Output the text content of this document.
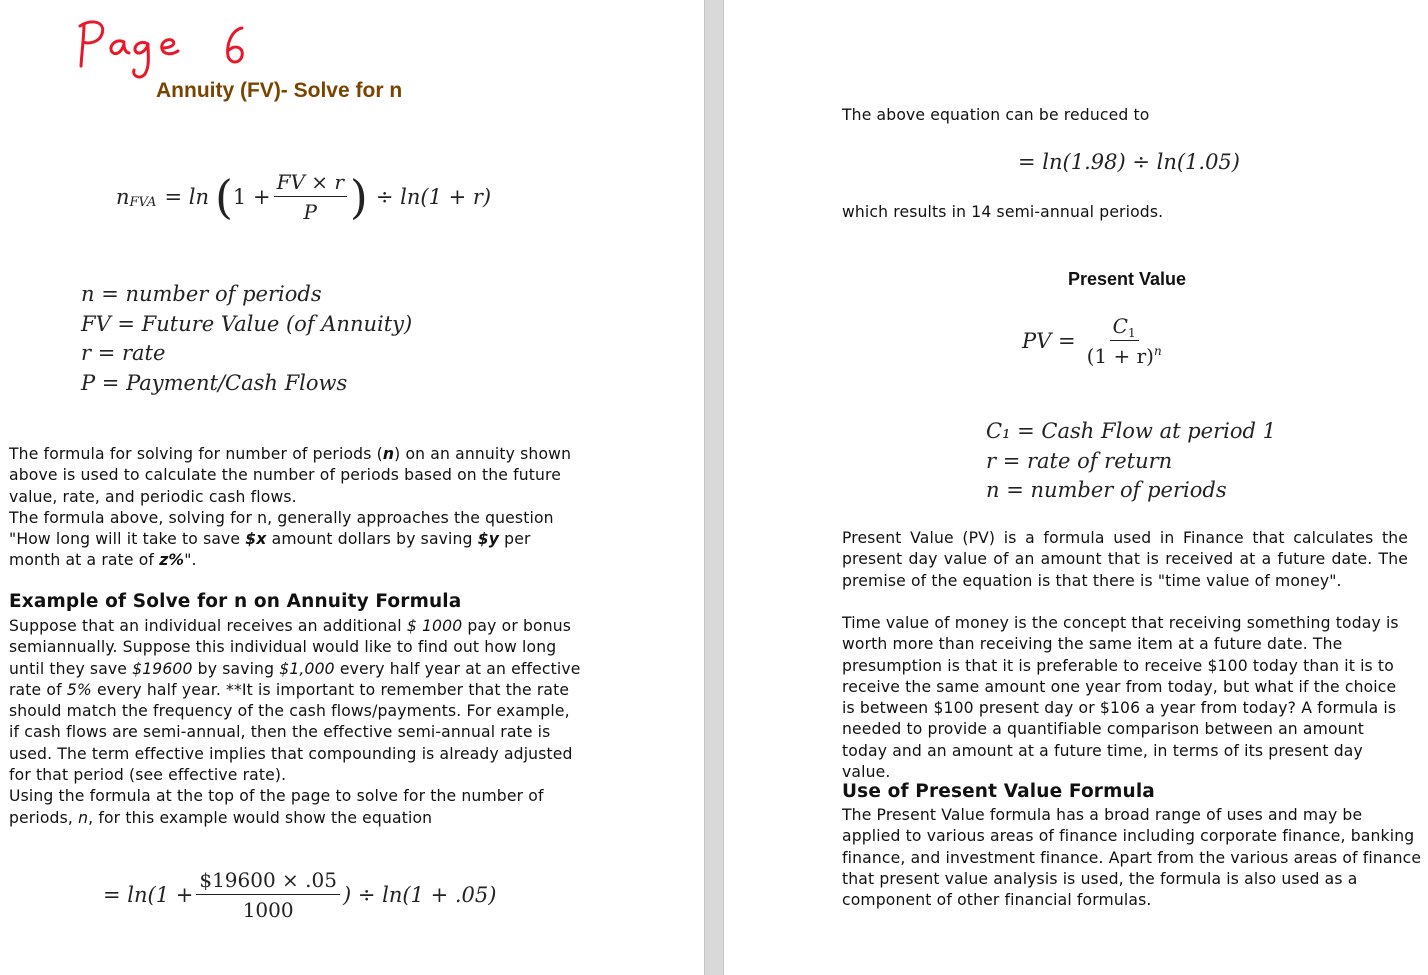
Annuity (FV)- Solve for n
n FVA = ln ( $1 + \frac{FV \times r}{P}$ ) ÷ ln(1 + r)
n = number of periods
FV = Future Value (of Annuity)
r = rate
P = Payment/Cash Flows
The formula for solving for number of periods (n) on an annuity shown above is used to calculate the number of periods based on the future value, rate, and periodic cash flows.
The formula above, solving for n, generally approaches the question "How long will it take to save $x amount dollars by saving $y per month at a rate of z%".
Example of Solve for n on Annuity Formula
Suppose that an individual receives an additional $ 1000 pay or bonus semiannually. Suppose this individual would like to find out how long until they save $19600 by saving $1,000 every half year at an effective rate of 5% every half year. **It is important to remember that the rate should match the frequency of the cash flows/payments. For example, if cash flows are semi-annual, then the effective semi-annual rate is used. The term effective implies that compounding is already adjusted for that period (see effective rate).
Using the formula at the top of the page to solve for the number of periods, n, for this example would show the equation
= $\ln(1 + \frac{\$19600 \times .05}{1000}$ ) ÷ ln(1 + .05)
The above equation can be reduced to
= ln(1.98) ÷ ln(1.05)
which results in 14 semi-annual periods.
Present Value
PV = $\frac{C_1}{(1 + r)^n}$
C₁ = Cash Flow at period 1
r = rate of return
n = number of periods
Present Value (PV) is a formula used in Finance that calculates the present day value of an amount that is received at a future date. The premise of the equation is that there is "time value of money".
Time value of money is the concept that receiving something today is worth more than receiving the same item at a future date. The presumption is that it is preferable to receive $100 today than it is to receive the same amount one year from today, but what if the choice is between $100 present day or $106 a year from today? A formula is needed to provide a quantifiable comparison between an amount today and an amount at a future time, in terms of its present day value.
Use of Present Value Formula
The Present Value formula has a broad range of uses and may be applied to various areas of finance including corporate finance, banking finance, and investment finance. Apart from the various areas of finance that present value analysis is used, the formula is also used as a component of other financial formulas.
